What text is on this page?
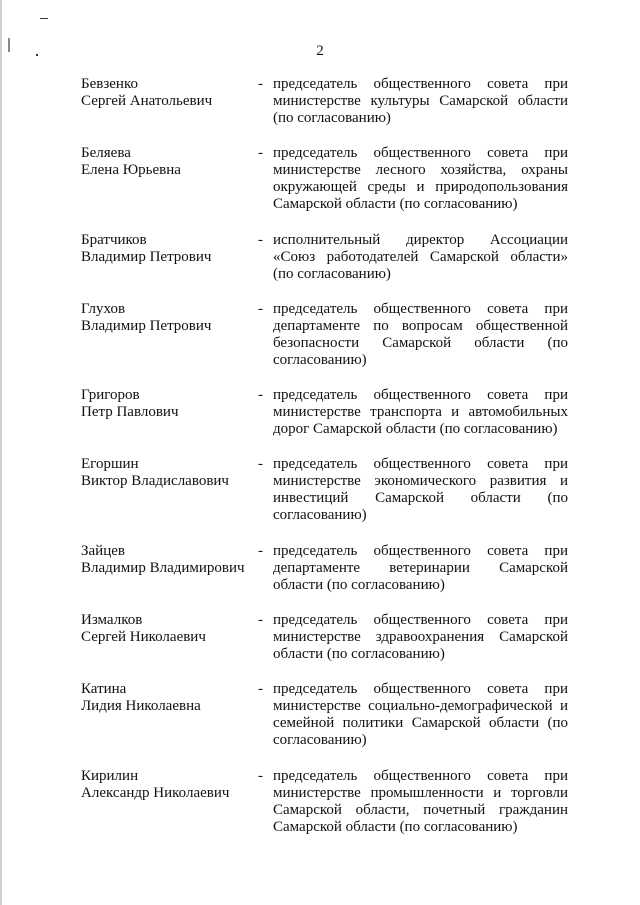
2
Бевзенко
Сергей Анатольевич
- председатель общественного совета при
министерстве культуры Самарской области
(по согласованию)
Беляева
Елена Юрьевна
- председатель общественного совета при
министерстве лесного хозяйства, охраны
окружающей среды и природопользования
Самарской области (по согласованию)
Братчиков
Владимир Петрович
- исполнительный директор Ассоциации
«Союз работодателей Самарской области»
(по согласованию)
Глухов
Владимир Петрович
- председатель общественного совета при
департаменте по вопросам общественной
безопасности Самарской области (по
согласованию)
Григоров
Петр Павлович
- председатель общественного совета при
министерстве транспорта и автомобильных
дорог Самарской области (по согласованию)
Егоршин
Виктор Владиславович
- председатель общественного совета при
министерстве экономического развития и
инвестиций Самарской области (по
согласованию)
Зайцев
Владимир Владимирович
- председатель общественного совета при
департаменте ветеринарии Самарской
области (по согласованию)
Измалков
Сергей Николаевич
- председатель общественного совета при
министерстве здравоохранения Самарской
области (по согласованию)
Катина
Лидия Николаевна
- председатель общественного совета при
министерстве социально-демографической и
семейной политики Самарской области (по
согласованию)
Кирилин
Александр Николаевич
- председатель общественного совета при
министерстве промышленности и торговли
Самарской области, почетный гражданин
Самарской области (по согласованию)
